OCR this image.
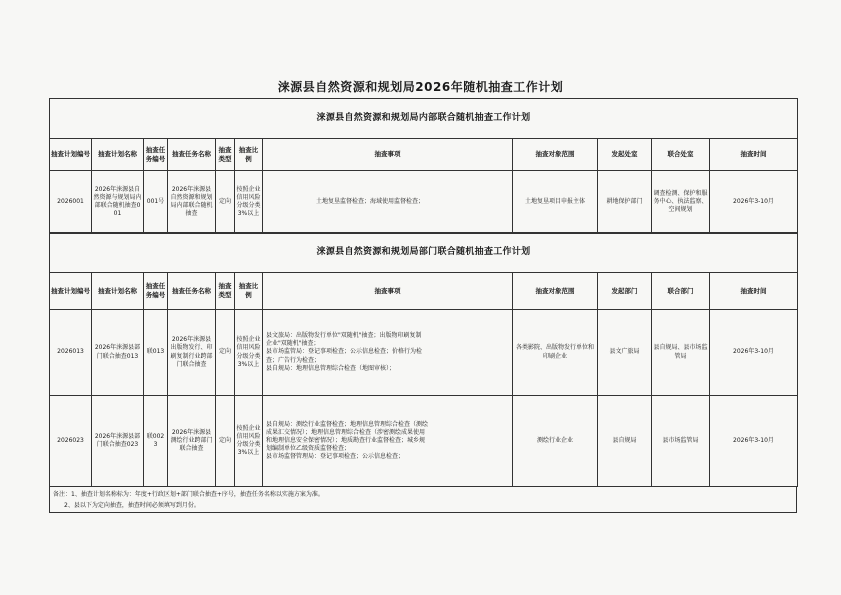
涞源县自然资源和规划局2026年随机抽查工作计划
涞源县自然资源和规划局内部联合随机抽查工作计划										
抽查计划编号	抽查计划名称	抽查任务编号	抽查任务名称	抽查类型	抽查比例	抽查事项	抽查对象范围	发起处室	联合处室	抽查时间
2026001	2026年涞源县自然资源与规划局内部联合随机抽查001	001号	2026年涞源县自然资源和规划局内部联合随机抽查	定向	按照企业信用风险分级分类3%以上	土地复垦监督检查；海域使用监督检查；	土地复垦项目申报主体	耕地保护部门	调查检测、保护和服务中心、执法监察、空间规划	2026年3-10月
涞源县自然资源和规划局部门联合随机抽查工作计划										
抽查计划编号	抽查计划名称	抽查任务编号	抽查任务名称	抽查类型	抽查比例	抽查事项	抽查对象范围	发起部门	联合部门	抽查时间
2026013	2026年涞源县部门联合抽查013	联013	2026年涞源县出版物发行、印刷复制行业跨部门联合抽查	定向	按照企业信用风险分级分类3%以上	县文旅局：出版物发行单位"双随机"抽查；出版物印刷复制
企业"双随机"抽查；
县市场监管局：登记事项检查；公示信息检查；价格行为检
查；广告行为检查；
县自规局：地理信息管理综合检查（地图审核）；	各类影院、出版物发行单位和印刷企业	县文广旅局	县自规局、县市场监管局	2026年3-10月
2026023	2026年涞源县部门联合抽查023	联0023	2026年涞源县测绘行业跨部门联合抽查	定向	按照企业信用风险分级分类3%以上	县自规局：测绘行业监督检查；地理信息管理综合检查（测绘
成果汇交情况）；地理信息管理综合检查（涉密测绘成果使用
和地理信息安全保密情况）；地质勘查行业监督检查；城乡规
划编制单位乙级资质监督检查；
县市场监督管理局：登记事项检查；公示信息检查；	测绘行业企业	县自规局	县市场监管局	2026年3-10月
备注：1、抽查计划名称标为：年度+行政区划+部门联合抽查+序号，抽查任务名称以实施方案为准。
2、县以下为定向抽查，抽查时间必须填写到月份。
